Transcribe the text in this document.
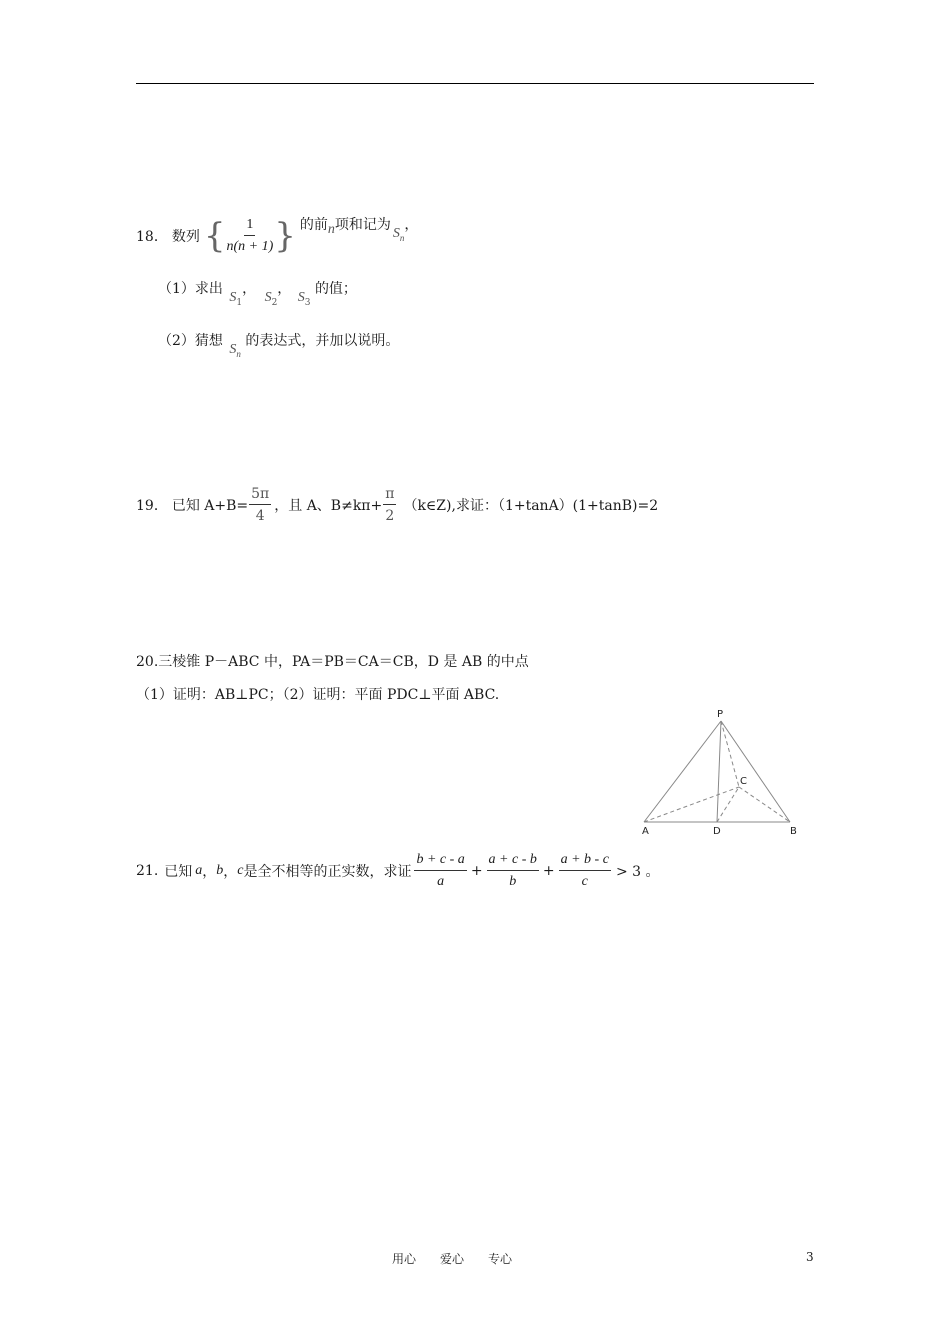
18． 数列 { $\frac{1}{n(n + 1)}$ } 的前 n 项和记为
$S_n$
，
（1）求出 $S_1$， $S_2$， $S_3$ 的值；
（2）猜想 $S_n$ 的表达式，并加以说明。
19． 已知 $A+B= \frac{5\pi}{4}$ ，且 A、$B\ne k\pi+ \frac{\pi}{2}$ （k∈Z),求证：（1+tanA）(1+tanB)=2
20.三棱锥 P－ABC 中，PA＝PB＝CA＝CB，D 是 AB 的中点
（1）证明：AB⊥PC；（2）证明：平面 PDC⊥平面 ABC.
P
C
A	D	B
21. 已知 a ， b ， c 是全不相等的正实数，求证 $\frac{b + c - a}{a} + \frac{a + c - b}{b} + \frac{a + b - c}{c} > 3$ 。
用心　　爱心　　专心	3
